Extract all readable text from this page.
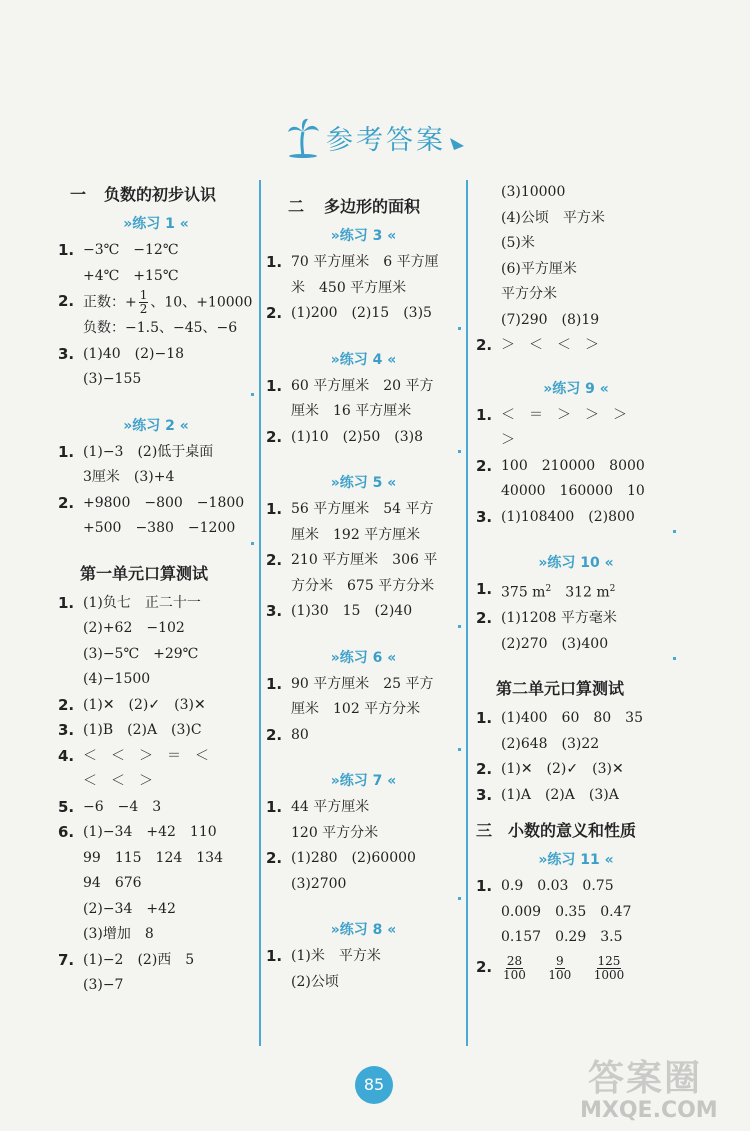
参考答案
一 负数的初步认识
»练习 1 «
1. −3℃　−12℃
+4℃　+15℃
2. 正数：+ $\frac{1}{2}$ 、10、+10000
负数：−1.5、−45、−6
3. (1)40　(2)−18
(3)−155
»练习 2 «
1. (1)−3　(2)低于桌面
3厘米　(3)+4
2. +9800　−800　−1800
+500　−380　−1200
第一单元口算测试
1. (1)负七　正二十一
(2)+62　−102
(3)−5℃　+29℃
(4)−1500
2. (1)✕　(2)✓　(3)✕
3. (1)B　(2)A　(3)C
4. ＜　＜　＞　＝　＜
＜　＜　＞
5. −6　−4　3
6. (1)−34　+42　110
99　115　124　134
94　676
(2)−34　+42
(3)增加　8
7. (1)−2　(2)西　5
(3)−7
二 多边形的面积
»练习 3 «
1. 70 平方厘米　6 平方厘
米　450 平方厘米
2. (1)200　(2)15　(3)5
»练习 4 «
1. 60 平方厘米　20 平方
厘米　16 平方厘米
2. (1)10　(2)50　(3)8
»练习 5 «
1. 56 平方厘米　54 平方
厘米　192 平方厘米
2. 210 平方厘米　306 平
方分米　675 平方分米
3. (1)30　15　(2)40
»练习 6 «
1. 90 平方厘米　25 平方
厘米　102 平方分米
2. 80
»练习 7 «
1. 44 平方厘米
120 平方分米
2. (1)280　(2)60000
(3)2700
»练习 8 «
1. (1)米　平方米
(2)公顷
(3)10000
(4)公顷　平方米
(5)米
(6)平方厘米
平方分米
(7)290　(8)19
2. ＞　＜　＜　＞
»练习 9 «
1. ＜　＝　＞　＞　＞
＞
2. 100　210000　8000
40000　160000　10
3. (1)108400　(2)800
»练习 10 «
1. 375 $m^2$　 312 $m^2$
2. (1)1208 平方毫米
(2)270　(3)400
第二单元口算测试
1. (1)400　60　80　35
(2)648　(3)22
2. (1)✕　(2)✓　(3)✕
3. (1)A　(2)A　(3)A
三 小数的意义和性质
»练习 11 «
1. 0.9　0.03　0.75
0.009　0.35　0.47
0.157　0.29　3.5
2. $\frac{28}{100}$
　 $\frac{9}{100}$
　 $\frac{125}{1000}$
85	答案圈
MXQE.COM
